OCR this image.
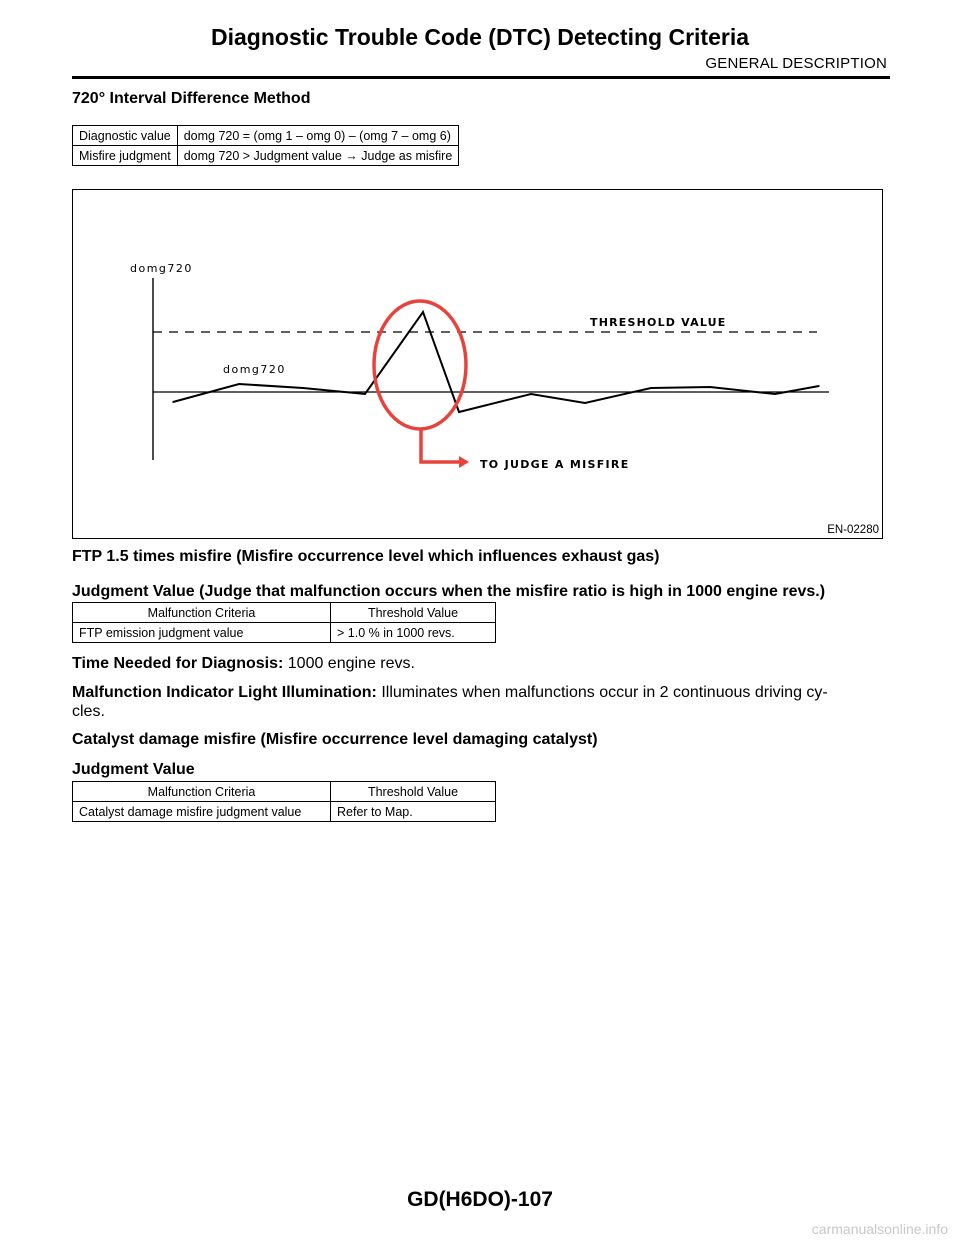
Diagnostic Trouble Code (DTC) Detecting Criteria
GENERAL DESCRIPTION
720° Interval Difference Method
Diagnostic value	domg 720 = (omg 1 – omg 0) – (omg 7 – omg 6)
Misfire judgment	domg 720 > Judgment value → Judge as misfire
domg720
THRESHOLD VALUE
domg720
TO JUDGE A MISFIRE
EN-02280
FTP 1.5 times misfire (Misfire occurrence level which influences exhaust gas)
Judgment Value (Judge that malfunction occurs when the misfire ratio is high in 1000 engine revs.)
Malfunction Criteria	Threshold Value
FTP emission judgment value	> 1.0 % in 1000 revs.

Time Needed for Diagnosis: 1000 engine revs.

Malfunction Indicator Light Illumination: Illuminates when malfunctions occur in 2 continuous driving cy-

cles.

Catalyst damage misfire (Misfire occurrence level damaging catalyst)
Judgment Value
Malfunction Criteria	Threshold Value
Catalyst damage misfire judgment value	Refer to Map.
GD(H6DO)-107
carmanualsonline.info
